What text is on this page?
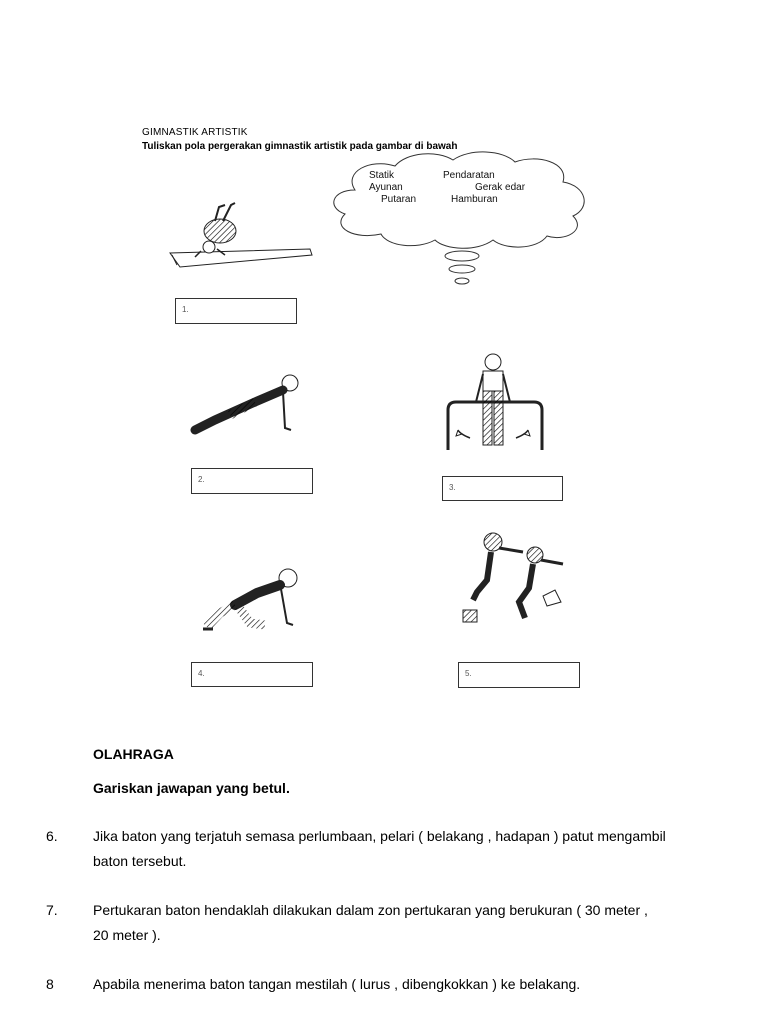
GIMNASTIK ARTISTIK
Tuliskan pola pergerakan gimnastik artistik pada gambar di bawah
Statik	Pendaratan
Ayunan	Gerak edar
Putaran	Hamburan
1.
2.
3.
4.	5.
OLAHRAGA
Gariskan jawapan yang betul.
6.	Jika baton yang terjatuh semasa perlumbaan, pelari ( belakang , hadapan ) patut mengambil
baton tersebut.
7.	Pertukaran baton hendaklah dilakukan dalam zon pertukaran yang berukuran ( 30 meter ,
20 meter ).
8	Apabila menerima baton tangan mestilah ( lurus , dibengkokkan ) ke belakang.
